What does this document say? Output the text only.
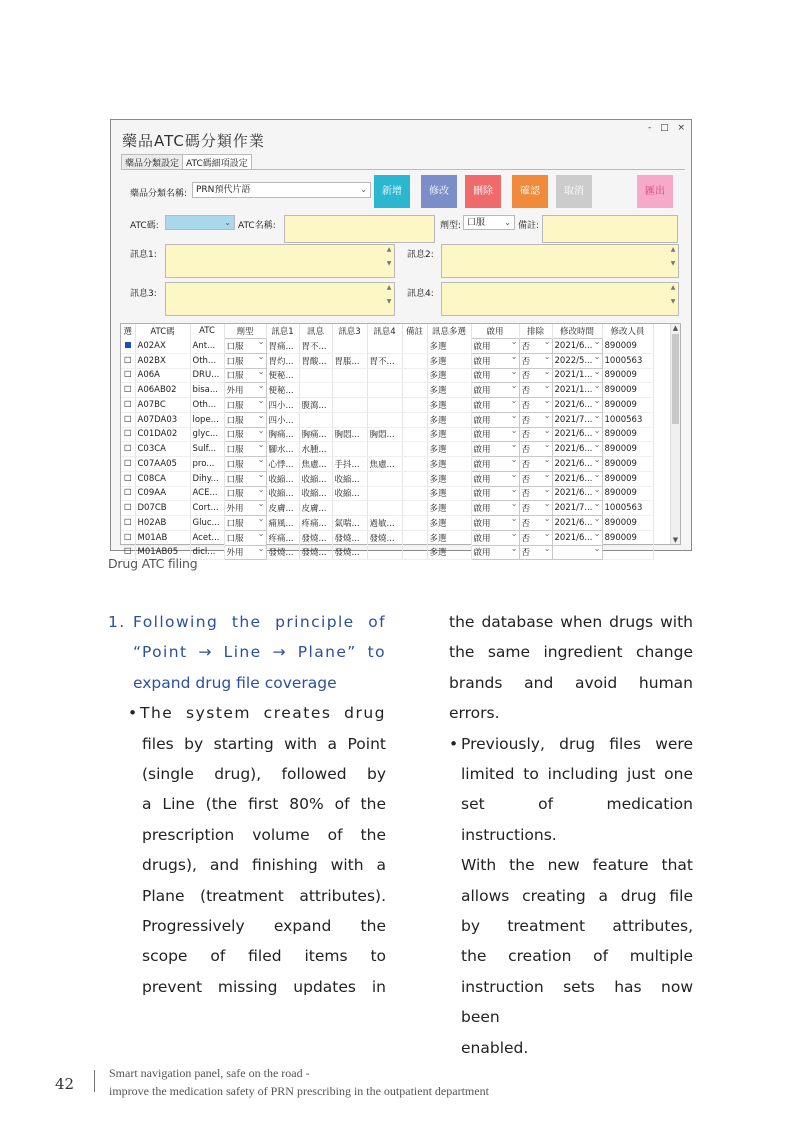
藥品ATC碼分類作業
- □ ×
藥品分類設定 ATC碼細項設定
藥品分類名稱: PRN預代片語	⌄	新增	修改	刪除	確認	取消	匯出
ATC碼:	⌄ ATC名稱:	劑型: 口服 ⌄ 備註:
訊息1:
▲

▼
訊息2:
▲

▼
訊息3:
▲

▼
訊息4:
▲

▼
選	ATC碼	ATC	劑型	訊息1	訊息	訊息3	訊息4	備註	訊息多選	啟用	排除	修改時間	修改人員
	A02AX	Ant...	口服 ⌄	胃痛...	胃不...				多選	啟用 ⌄	否 ⌄	2021/6... ⌄	890009
☐	A02BX	Oth...	口服 ⌄	胃灼...	胃酸...	胃脹...	胃不...		多選	啟用 ⌄	否 ⌄	2022/5... ⌄	1000563
☐	A06A	DRU...	口服 ⌄	便秘...					多選	啟用 ⌄	否 ⌄	2021/1... ⌄	890009
☐	A06AB02	bisa...	外用 ⌄	便秘...					多選	啟用 ⌄	否 ⌄	2021/1... ⌄	890009
☐	A07BC	Oth...	口服 ⌄	四小...	腹瀉...				多選	啟用 ⌄	否 ⌄	2021/6... ⌄	890009
☐	A07DA03	lope...	口服 ⌄	四小...					多選	啟用 ⌄	否 ⌄	2021/7... ⌄	1000563
☐	C01DA02	glyc...	口服 ⌄	胸痛...	胸痛...	胸悶...	胸悶...		多選	啟用 ⌄	否 ⌄	2021/6... ⌄	890009
☐	C03CA	Sulf...	口服 ⌄	腳水...	水腫...				多選	啟用 ⌄	否 ⌄	2021/6... ⌄	890009
☐	C07AA05	pro...	口服 ⌄	心悸...	焦慮...	手抖...	焦慮...		多選	啟用 ⌄	否 ⌄	2021/6... ⌄	890009
☐	C08CA	Dihy...	口服 ⌄	收縮...	收縮...	收縮...			多選	啟用 ⌄	否 ⌄	2021/6... ⌄	890009
☐	C09AA	ACE...	口服 ⌄	收縮...	收縮...	收縮...			多選	啟用 ⌄	否 ⌄	2021/6... ⌄	890009
☐	D07CB	Cort...	外用 ⌄	皮膚...	皮膚...				多選	啟用 ⌄	否 ⌄	2021/7... ⌄	1000563
☐	H02AB	Gluc...	口服 ⌄	痛風...	疼痛...	氣喘...	過敏...		多選	啟用 ⌄	否 ⌄	2021/6... ⌄	890009
☐	M01AB	Acet...	口服 ⌄	疼痛...	發燒...	發燒...	發燒...		多選	啟用 ⌄	否 ⌄	2021/6... ⌄	890009
☐	M01AB05	dicl...	外用 ⌄	發燒...	發燒...	發燒...			多選	啟用 ⌄	否 ⌄	⌄	
▲
▼
Drug ATC filing
1. Following the principle of
“Point → Line → Plane” to
expand drug file coverage
• The system creates drug
files by starting with a Point
(single drug), followed by
a Line (the first 80% of the
prescription volume of the
drugs), and finishing with a
Plane (treatment attributes).
Progressively expand the
scope of filed items to
prevent missing updates in
the database when drugs with
the same ingredient change
brands and avoid human
errors.
• Previously, drug files were
limited to including just one
set of medication instructions.
With the new feature that
allows creating a drug file
by treatment attributes,
the creation of multiple
instruction sets has now been
enabled.
42
Smart navigation panel, safe on the road -
improve the medication safety of PRN prescribing in the outpatient department
